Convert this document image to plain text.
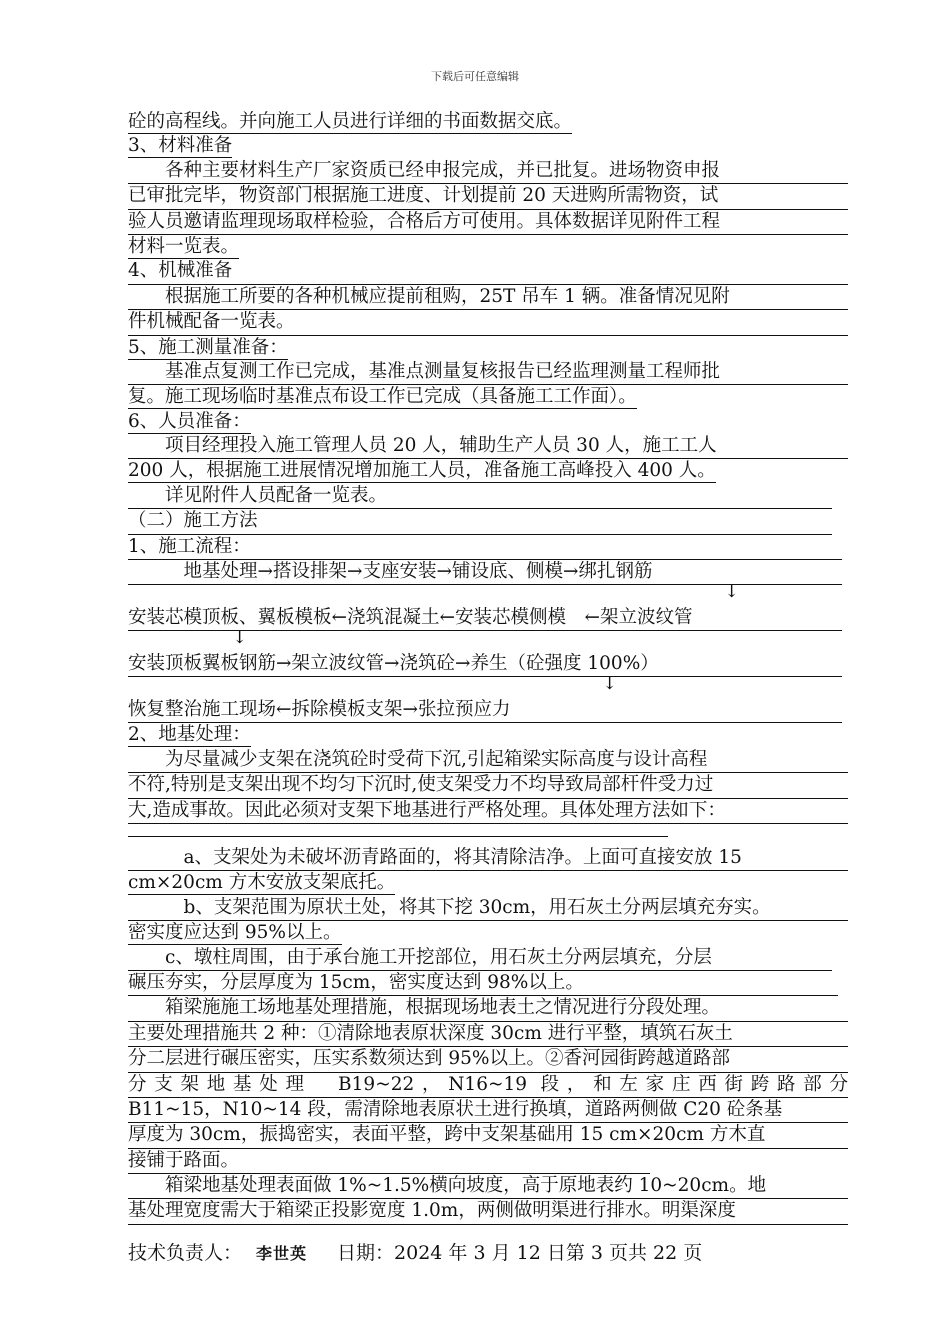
下载后可任意编辑
砼的高程线。并向施工人员进行详细的书面数据交底。
3、材料准备
　　各种主要材料生产厂家资质已经申报完成，并已批复。进场物资申报
已审批完毕，物资部门根据施工进度、计划提前 20 天进购所需物资，试
验人员邀请监理现场取样检验，合格后方可使用。具体数据详见附件工程
材料一览表。
4、机械准备
　　根据施工所要的各种机械应提前租购，25T 吊车 1 辆。准备情况见附
件机械配备一览表。
5、施工测量准备：
　　基准点复测工作已完成，基准点测量复核报告已经监理测量工程师批
复。施工现场临时基准点布设工作已完成（具备施工工作面）。
6、人员准备：
　　项目经理投入施工管理人员 20 人，辅助生产人员 30 人，施工工人
200 人，根据施工进展情况增加施工人员，准备施工高峰投入 400 人。
　　详见附件人员配备一览表。
（二）施工方法
1、施工流程：
　　　地基处理→搭设排架→支座安装→铺设底、侧模→绑扎钢筋
↓
安装芯模顶板、翼板模板←浇筑混凝土←安装芯模侧模　←架立波纹管
↓
安装顶板翼板钢筋→架立波纹管→浇筑砼→养生（砼强度 100%）
↓
恢复整治施工现场←拆除模板支架→张拉预应力
2、地基处理：
　　为尽量减少支架在浇筑砼时受荷下沉,引起箱梁实际高度与设计高程
不符,特别是支架出现不均匀下沉时,使支架受力不均导致局部杆件受力过
大,造成事故。因此必须对支架下地基进行严格处理。具体处理方法如下：
　　　a、支架处为未破坏沥青路面的，将其清除洁净。上面可直接安放 15
cm×20cm 方木安放支架底托。
　　　b、支架范围为原状土处，将其下挖 30cm，用石灰土分两层填充夯实。
密实度应达到 95%以上。
　　c、墩柱周围，由于承台施工开挖部位，用石灰土分两层填充，分层
碾压夯实，分层厚度为 15cm，密实度达到 98%以上。
　　箱梁施施工场地基处理措施，根据现场地表土之情况进行分段处理。
主要处理措施共 2 种：①清除地表原状深度 30cm 进行平整，填筑石灰土
分二层进行碾压密实，压实系数须达到 95%以上。②香河园街跨越道路部
分支架地基处理　B19~22，N16~19 段，和左家庄西街跨路部分
B11~15，N10~14 段，需清除地表原状土进行换填，道路两侧做 C20 砼条基
厚度为 30cm，振捣密实，表面平整，跨中支架基础用 15 cm×20cm 方木直
接铺于路面。
　　箱梁地基处理表面做 1%~1.5%横向坡度，高于原地表约 10~20cm。地
基处理宽度需大于箱梁正投影宽度 1.0m，两侧做明渠进行排水。明渠深度
技术负责人： 李世英 日期：2024 年 3 月 12 日第 3 页共 22 页
